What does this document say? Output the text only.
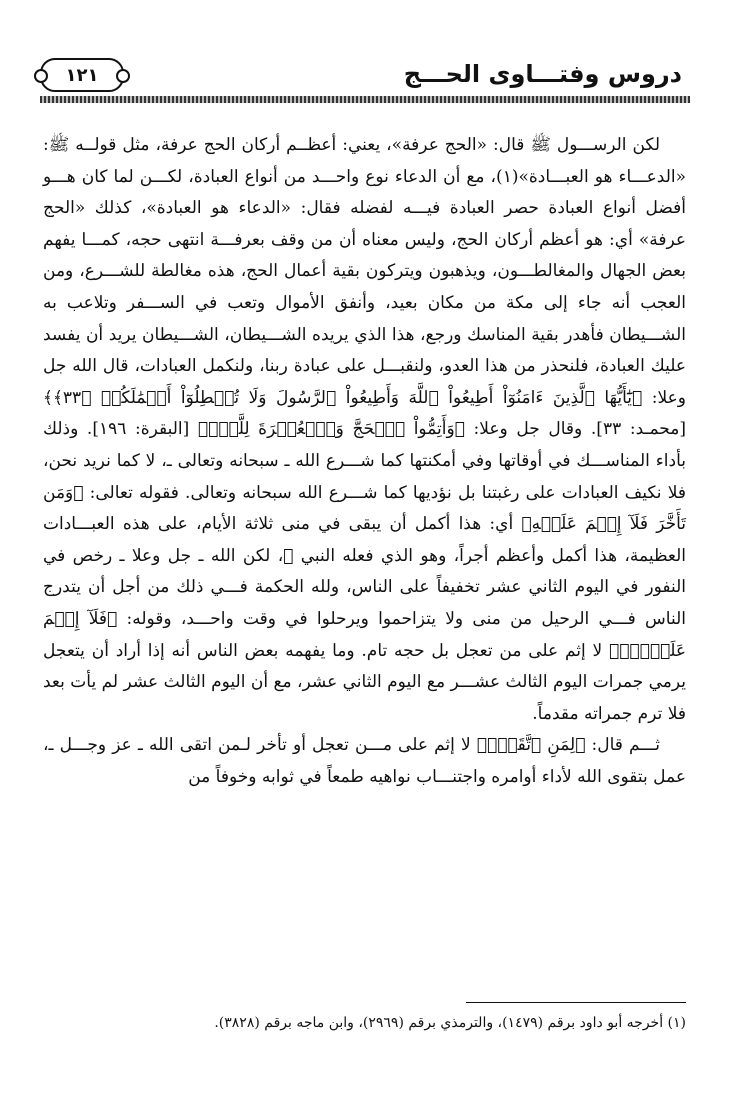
١٢١	دروس وفتـــاوى الحـــج

لكن الرســـول ﷺ قال: «الحج عرفة»، يعني: أعظــم أركان الحج عرفة، مثل قولــه ﷺ: «الدعـــاء هو العبـــادة»(١)، مع أن الدعاء نوع واحـــد من أنواع العبادة، لكـــن لما كان هـــو أفضل أنواع العبادة حصر العبادة فيـــه لفضله فقال: «الدعاء هو العبادة»، كذلك «الحج عرفة» أي: هو أعظم أركان الحج، وليس معناه أن من وقف بعرفـــة انتهى حجه، كمـــا يفهم بعض الجهال والمغالطـــون، ويذهبون ويتركون بقية أعمال الحج، هذه مغالطة للشـــرع، ومن العجب أنه جاء إلى مكة من مكان بعيد، وأنفق الأموال وتعب في الســـفر وتلاعب به الشـــيطان فأهدر بقية المناسك ورجع، هذا الذي يريده الشـــيطان، الشـــيطان يريد أن يفسد عليك العبادة، فلنحذر من هذا العدو، ولنقبـــل على عبادة ربنا، ولنكمل العبادات، قال الله جل وعلا: ﴿يَٰٓأَيُّهَا ٱلَّذِينَ ءَامَنُوٓاْ أَطِيعُواْ ٱللَّهَ وَأَطِيعُواْ ٱلرَّسُولَ وَلَا تُبۡطِلُوٓاْ أَعۡمَٰلَكُمۡ ﴿٣٣﴾﴾ [محمـد: ٣٣]. وقال جل وعلا: ﴿وَأَتِمُّواْ ٱلۡحَجَّ وَٱلۡعُمۡرَةَ لِلَّهِۚ﴾ [البقرة: ١٩٦]. وذلك بأداء المناســـك في أوقاتها وفي أمكنتها كما شـــرع الله ـ سبحانه وتعالى ـ، لا كما نريد نحن، فلا نكيف العبادات على رغبتنا بل نؤديها كما شـــرع الله سبحانه وتعالى. فقوله تعالى: ﴿وَمَن تَأَخَّرَ فَلَآ إِثۡمَ عَلَيۡهِ﴾ أي: هذا أكمل أن يبقى في منى ثلاثة الأيام، على هذه العبـــادات العظيمة، هذا أكمل وأعظم أجراً، وهو الذي فعله النبي ﷺ، لكن الله ـ جل وعلا ـ رخص في النفور في اليوم الثاني عشر تخفيفاً على الناس، ولله الحكمة فـــي ذلك من أجل أن يتدرج الناس فـــي الرحيل من منى ولا يتزاحموا ويرحلوا في وقت واحـــد، وقوله: ﴿فَلَآ إِثۡمَ عَلَيۡهِۚ﴾ لا إثم على من تعجل بل حجه تام. وما يفهمه بعض الناس أنه إذا أراد أن يتعجل يرمي جمرات اليوم الثالث عشـــر مع اليوم الثاني عشر، مع أن اليوم الثالث عشر لم يأت بعد فلا ترم جمراته مقدماً.

ثـــم قال: ﴿لِمَنِ ٱتَّقَىٰۗ﴾ لا إثم على مـــن تعجل أو تأخر لـمن اتقى الله ـ عز وجـــل ـ، عمل بتقوى الله لأداء أوامره واجتنـــاب نواهيه طمعاً في ثوابه وخوفاً من

(١) أخرجه أبو داود برقم (١٤٧٩)، والترمذي برقم (٢٩٦٩)، وابن ماجه برقم (٣٨٢٨).
